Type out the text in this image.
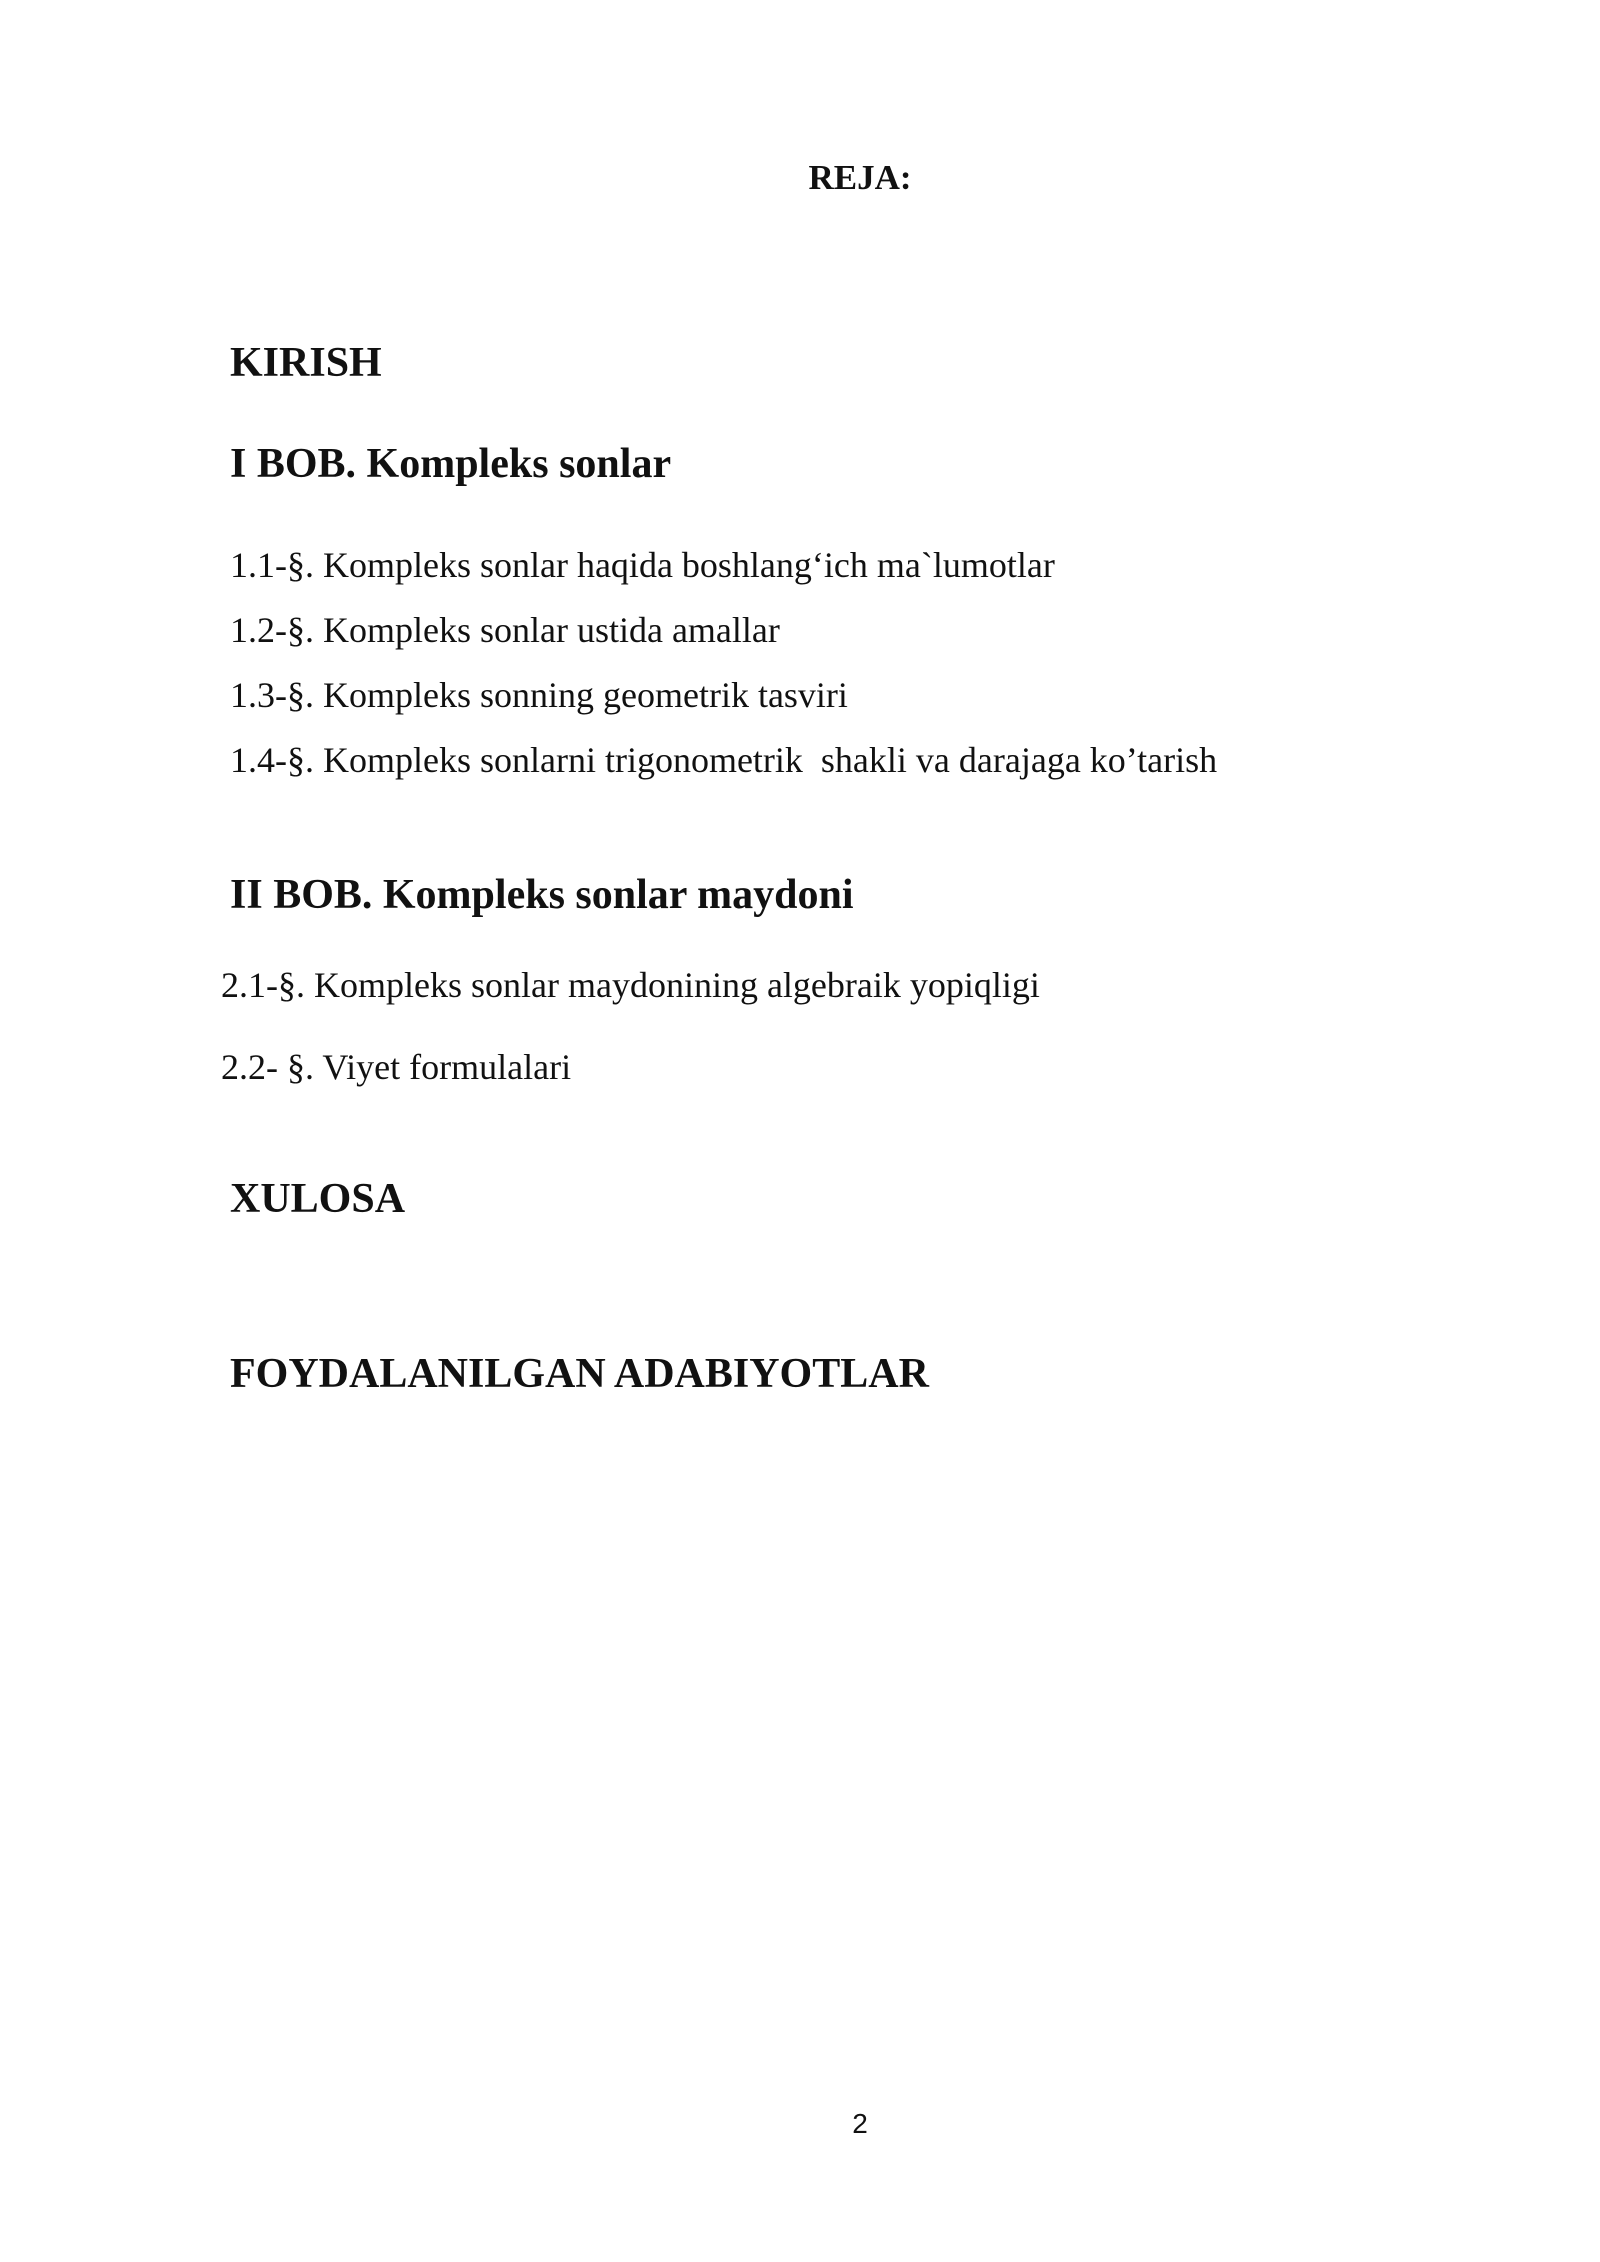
REJA:

KIRISH

I BOB. Kompleks sonlar

1.1-§. Kompleks sonlar haqida boshlang‘ich ma`lumotlar

1.2-§. Kompleks sonlar ustida amallar

1.3-§. Kompleks sonning geometrik tasviri

1.4-§. Kompleks sonlarni trigonometrik  shakli va darajaga ko’tarish

II BOB. Kompleks sonlar maydoni

2.1-§. Kompleks sonlar maydonining algebraik yopiqligi

2.2- §. Viyet formulalari

XULOSA

FOYDALANILGAN ADABIYOTLAR

2
